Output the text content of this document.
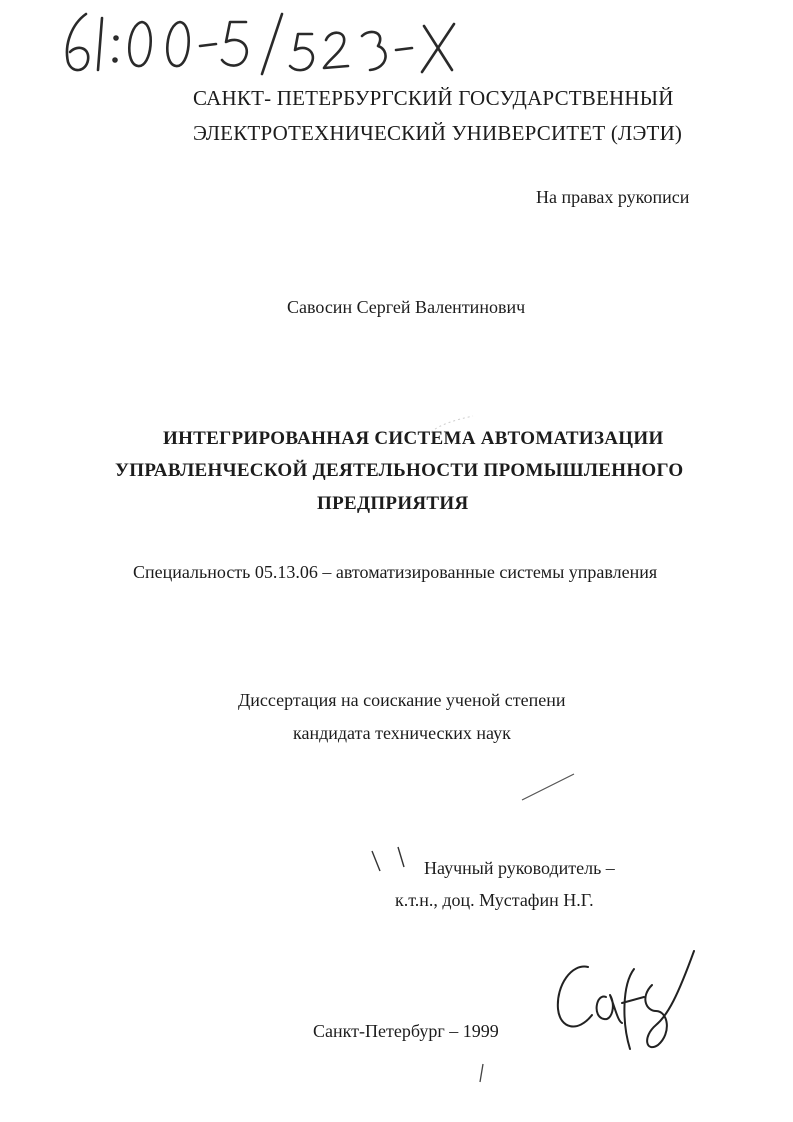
САНКТ- ПЕТЕРБУРГСКИЙ ГОСУДАРСТВЕННЫЙ
ЭЛЕКТРОТЕХНИЧЕСКИЙ УНИВЕРСИТЕТ (ЛЭТИ)
На правах рукописи
Савосин Сергей Валентинович
ИНТЕГРИРОВАННАЯ СИСТЕМА АВТОМАТИЗАЦИИ
УПРАВЛЕНЧЕСКОЙ ДЕЯТЕЛЬНОСТИ ПРОМЫШЛЕННОГО
ПРЕДПРИЯТИЯ
Специальность 05.13.06 – автоматизированные системы управления
Диссертация на соискание ученой степени
кандидата технических наук
Научный руководитель –
к.т.н., доц. Мустафин Н.Г.
Санкт-Петербург – 1999
